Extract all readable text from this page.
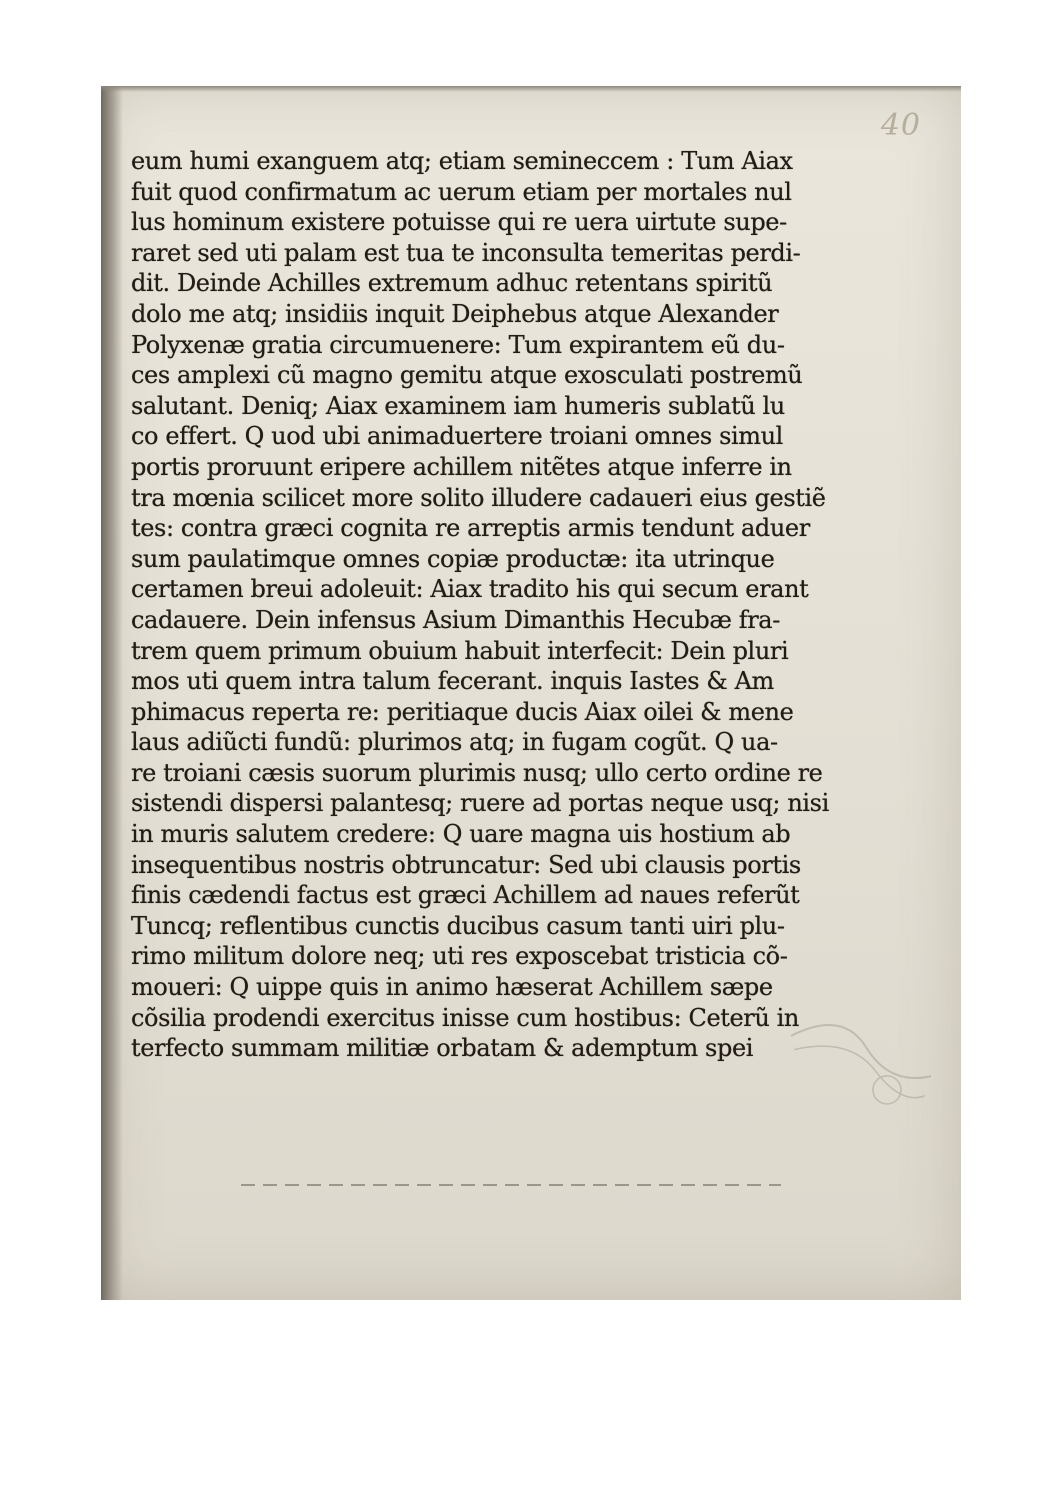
40
eum humi exanguem atq; etiam semineccem : Tum Aiax
fuit quod confirmatum ac uerum etiam per mortales nul
lus hominum existere potuisse qui re uera uirtute supe-
raret sed uti palam est tua te inconsulta temeritas perdi-
dit. Deinde Achilles extremum adhuc retentans spiritũ
dolo me atq; insidiis inquit Deiphebus atque Alexander
Polyxenæ gratia circumuenere: Tum expirantem eũ du-
ces amplexi cũ magno gemitu atque exosculati postremũ
salutant. Deniq; Aiax examinem iam humeris sublatũ lu
co effert. Q uod ubi animaduertere troiani omnes simul
portis proruunt eripere achillem nitẽtes atque inferre in
tra mœnia scilicet more solito illudere cadaueri eius gestiẽ
tes: contra græci cognita re arreptis armis tendunt aduer
sum paulatimque omnes copiæ productæ: ita utrinque
certamen breui adoleuit: Aiax tradito his qui secum erant
cadauere. Dein infensus Asium Dimanthis Hecubæ fra-
trem quem primum obuium habuit interfecit: Dein pluri
mos uti quem intra talum fecerant. inquis Iastes & Am
phimacus reperta re: peritiaque ducis Aiax oilei & mene
laus adiũcti fundũ: plurimos atq; in fugam cogũt. Q ua-
re troiani cæsis suorum plurimis nusq; ullo certo ordine re
sistendi dispersi palantesq; ruere ad portas neque usq; nisi
in muris salutem credere: Q uare magna uis hostium ab
insequentibus nostris obtruncatur: Sed ubi clausis portis
finis cædendi factus est græci Achillem ad naues referũt
Tuncq; reflentibus cunctis ducibus casum tanti uiri plu-
rimo militum dolore neq; uti res exposcebat tristicia cõ-
moueri: Q uippe quis in animo hæserat Achillem sæpe
cõsilia prodendi exercitus inisse cum hostibus: Ceterũ in
terfecto summam militiæ orbatam & ademptum spei
